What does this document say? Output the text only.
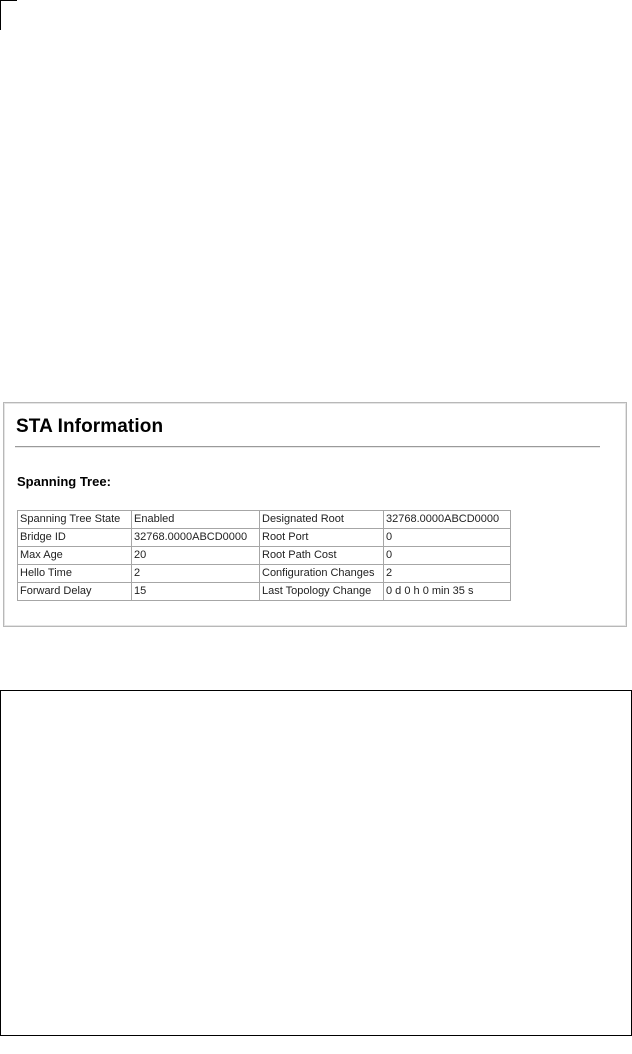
STA Information
Spanning Tree:
Spanning Tree State	Enabled	Designated Root	32768.0000ABCD0000
Bridge ID	32768.0000ABCD0000	Root Port	0
Max Age	20	Root Path Cost	0
Hello Time	2	Configuration Changes	2
Forward Delay	15	Last Topology Change	0 d 0 h 0 min 35 s
